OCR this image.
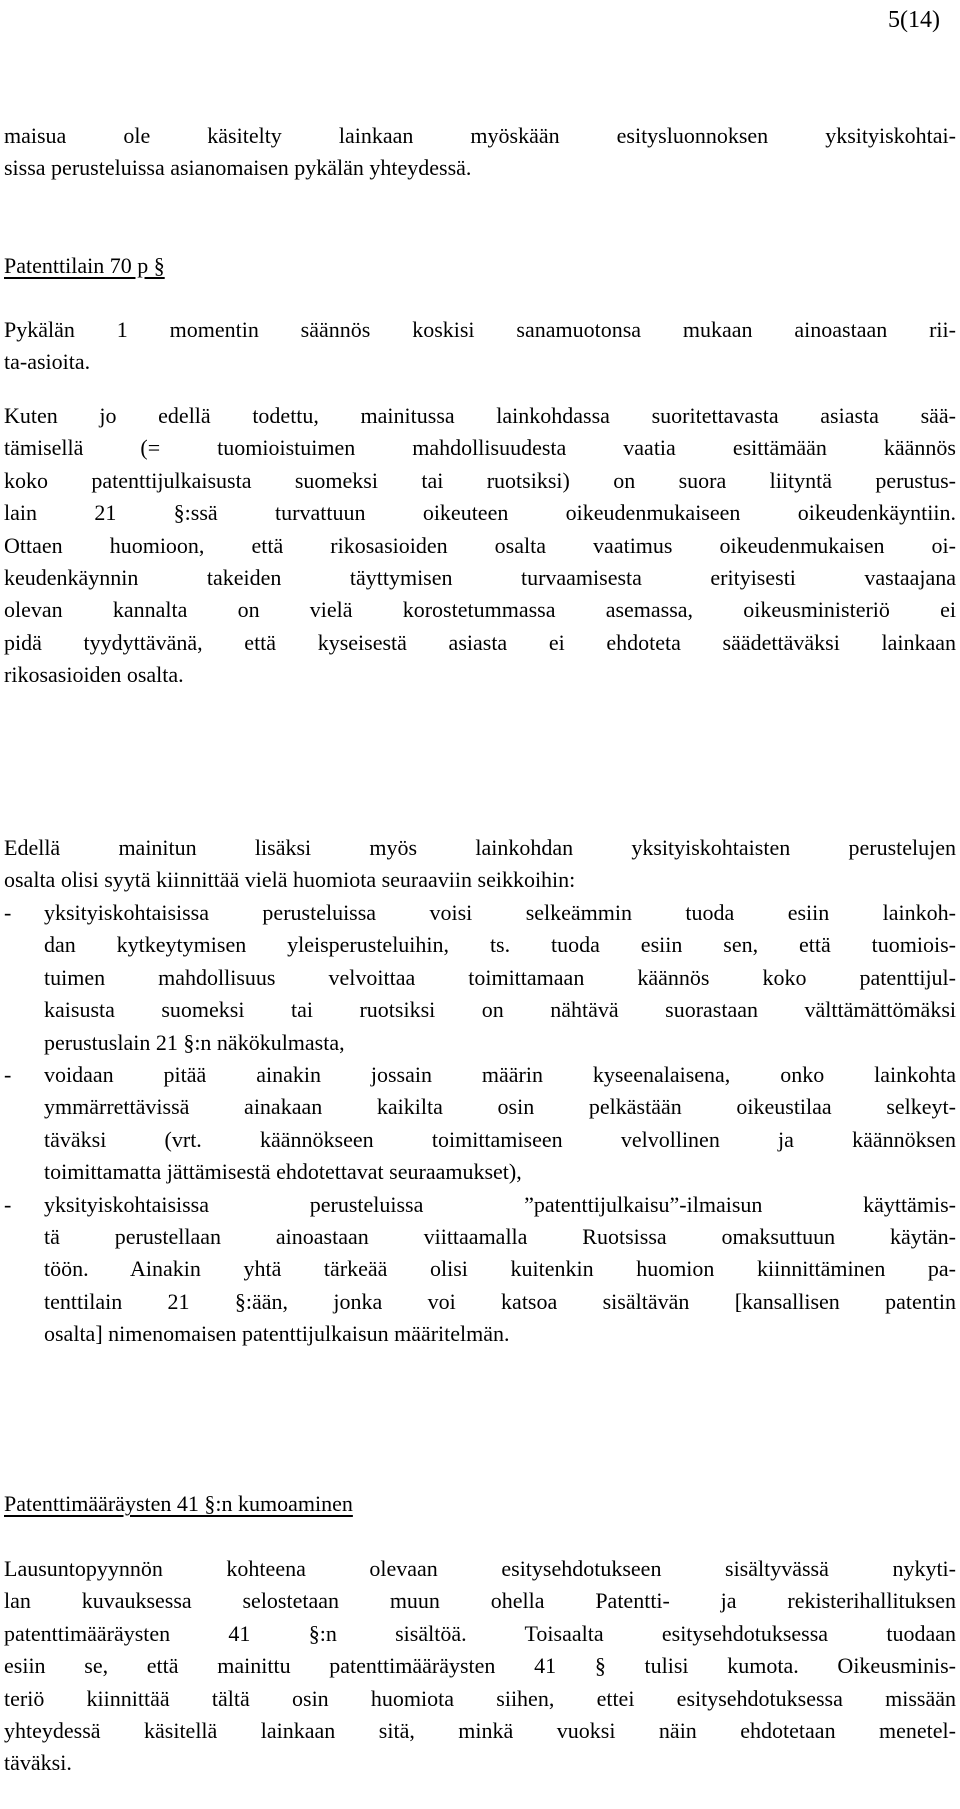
5(14)
maisua ole käsitelty lainkaan myöskään esitysluonnoksen yksityiskohtai-
sissa perusteluissa asianomaisen pykälän yhteydessä.
Patenttilain 70 p §
Pykälän 1 momentin säännös koskisi sanamuotonsa mukaan ainoastaan rii-
ta-asioita.
Kuten jo edellä todettu, mainitussa lainkohdassa suoritettavasta asiasta sää-
tämisellä (= tuomioistuimen mahdollisuudesta vaatia esittämään käännös
koko patenttijulkaisusta suomeksi tai ruotsiksi) on suora liityntä perustus-
lain 21 §:ssä turvattuun oikeuteen oikeudenmukaiseen oikeudenkäyntiin.
Ottaen huomioon, että rikosasioiden osalta vaatimus oikeudenmukaisen oi-
keudenkäynnin takeiden täyttymisen turvaamisesta erityisesti vastaajana
olevan kannalta on vielä korostetummassa asemassa, oikeusministeriö ei
pidä tyydyttävänä, että kyseisestä asiasta ei ehdoteta säädettäväksi lainkaan
rikosasioiden osalta.
Edellä mainitun lisäksi myös lainkohdan yksityiskohtaisten perustelujen
osalta olisi syytä kiinnittää vielä huomiota seuraaviin seikkoihin:
-	yksityiskohtaisissa perusteluissa voisi selkeämmin tuoda esiin lainkoh-
dan kytkeytymisen yleisperusteluihin, ts. tuoda esiin sen, että tuomiois-
tuimen mahdollisuus velvoittaa toimittamaan käännös koko patenttijul-
kaisusta suomeksi tai ruotsiksi on nähtävä suorastaan välttämättömäksi
perustuslain 21 §:n näkökulmasta,
-	voidaan pitää ainakin jossain määrin kyseenalaisena, onko lainkohta
ymmärrettävissä ainakaan kaikilta osin pelkästään oikeustilaa selkeyt-
täväksi (vrt. käännökseen toimittamiseen velvollinen ja käännöksen
toimittamatta jättämisestä ehdotettavat seuraamukset),
-	yksityiskohtaisissa perusteluissa ”patenttijulkaisu”-ilmaisun käyttämis-
tä perustellaan ainoastaan viittaamalla Ruotsissa omaksuttuun käytän-
töön. Ainakin yhtä tärkeää olisi kuitenkin huomion kiinnittäminen pa-
tenttilain 21 §:ään, jonka voi katsoa sisältävän [kansallisen patentin
osalta] nimenomaisen patenttijulkaisun määritelmän.
Patenttimääräysten 41 §:n kumoaminen
Lausuntopyynnön kohteena olevaan esitysehdotukseen sisältyvässä nykyti-
lan kuvauksessa selostetaan muun ohella Patentti- ja rekisterihallituksen
patenttimääräysten 41 §:n sisältöä. Toisaalta esitysehdotuksessa tuodaan
esiin se, että mainittu patenttimääräysten 41 § tulisi kumota. Oikeusminis-
teriö kiinnittää tältä osin huomiota siihen, ettei esitysehdotuksessa missään
yhteydessä käsitellä lainkaan sitä, minkä vuoksi näin ehdotetaan menetel-
täväksi.
